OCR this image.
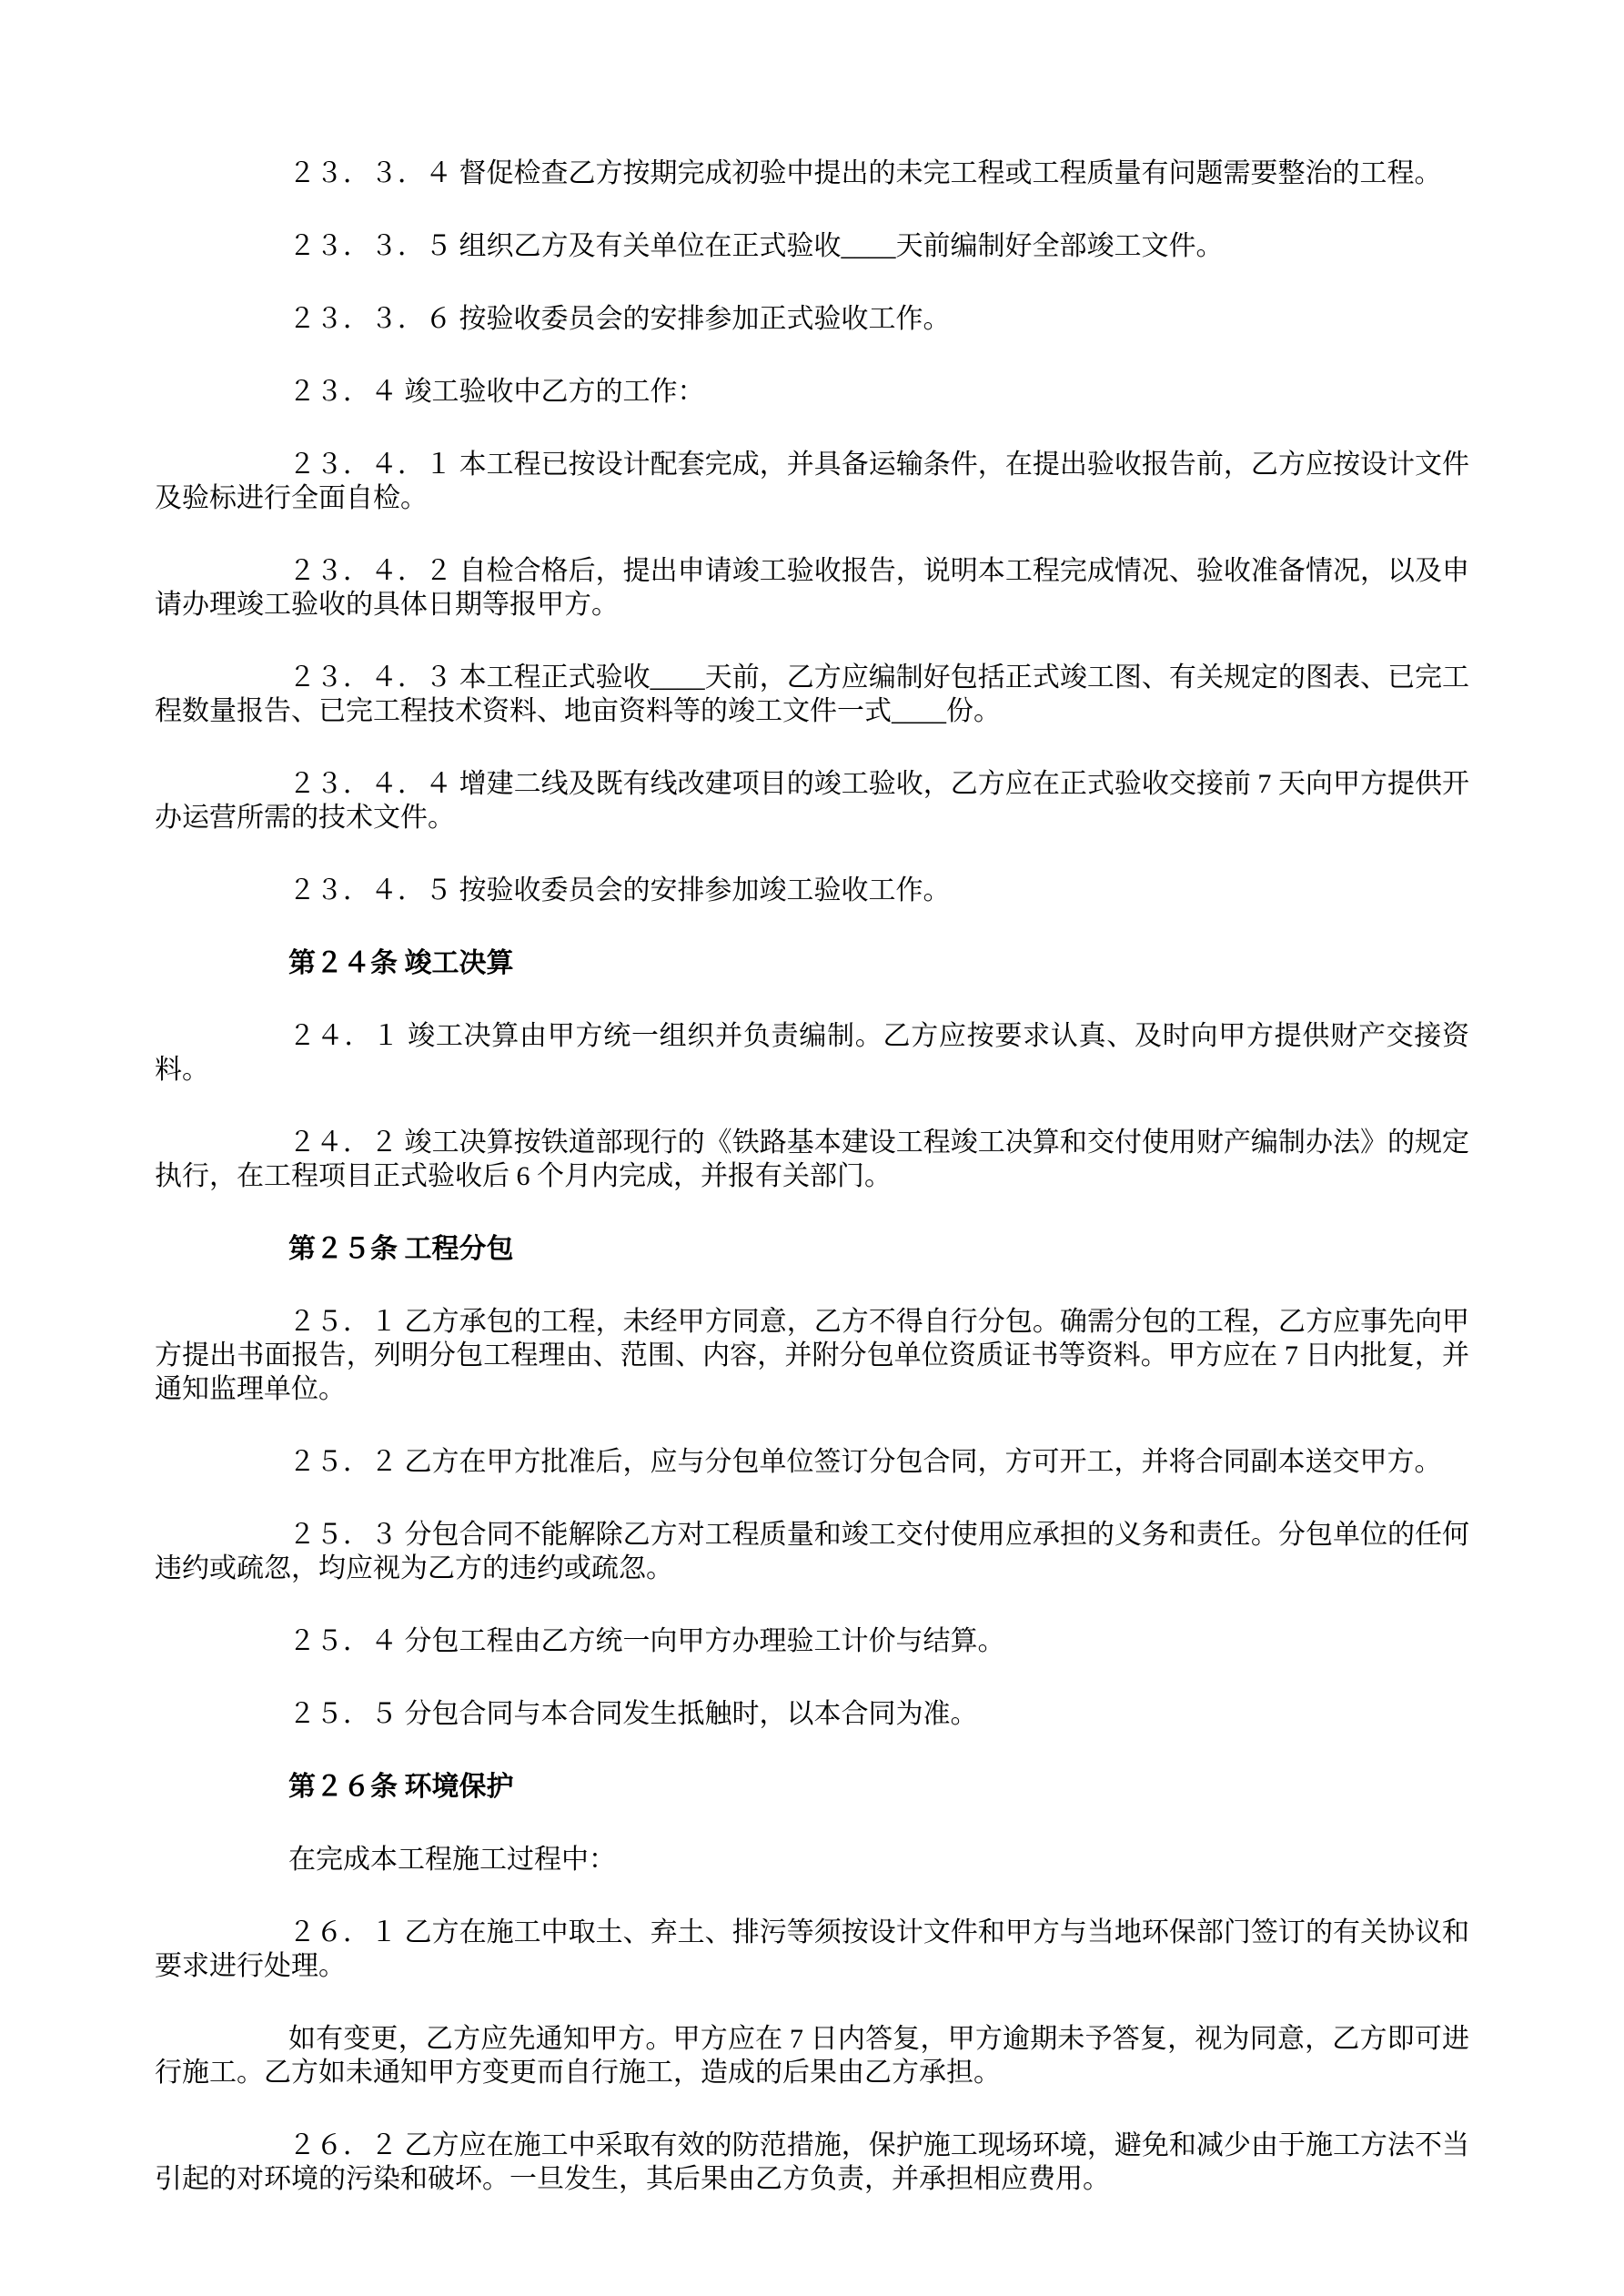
２３．３．４ 督促检查乙方按期完成初验中提出的未完工程或工程质量有问题需要整治的工程。

２３．３．５ 组织乙方及有关单位在正式验收____天前编制好全部竣工文件。

２３．３．６ 按验收委员会的安排参加正式验收工作。

２３．４ 竣工验收中乙方的工作：

２３．４．１ 本工程已按设计配套完成，并具备运输条件，在提出验收报告前，乙方应按设计文件及验标进行全面自检。

２３．４．２ 自检合格后，提出申请竣工验收报告，说明本工程完成情况、验收准备情况，以及申请办理竣工验收的具体日期等报甲方。

２３．４．３ 本工程正式验收____天前，乙方应编制好包括正式竣工图、有关规定的图表、已完工程数量报告、已完工程技术资料、地亩资料等的竣工文件一式____份。

２３．４．４ 增建二线及既有线改建项目的竣工验收，乙方应在正式验收交接前 7 天向甲方提供开办运营所需的技术文件。

２３．４．５ 按验收委员会的安排参加竣工验收工作。

第２４条 竣工决算

２４．１ 竣工决算由甲方统一组织并负责编制。乙方应按要求认真、及时向甲方提供财产交接资料。

２４．２ 竣工决算按铁道部现行的《铁路基本建设工程竣工决算和交付使用财产编制办法》的规定执行，在工程项目正式验收后 6 个月内完成，并报有关部门。

第２５条 工程分包

２５．１ 乙方承包的工程，未经甲方同意，乙方不得自行分包。确需分包的工程，乙方应事先向甲方提出书面报告，列明分包工程理由、范围、内容，并附分包单位资质证书等资料。甲方应在 7 日内批复，并通知监理单位。

２５．２ 乙方在甲方批准后，应与分包单位签订分包合同，方可开工，并将合同副本送交甲方。

２５．３ 分包合同不能解除乙方对工程质量和竣工交付使用应承担的义务和责任。分包单位的任何违约或疏忽，均应视为乙方的违约或疏忽。

２５．４ 分包工程由乙方统一向甲方办理验工计价与结算。

２５．５ 分包合同与本合同发生抵触时，以本合同为准。

第２６条 环境保护

在完成本工程施工过程中：

２６．１ 乙方在施工中取土、弃土、排污等须按设计文件和甲方与当地环保部门签订的有关协议和要求进行处理。

如有变更，乙方应先通知甲方。甲方应在 7 日内答复，甲方逾期未予答复，视为同意，乙方即可进行施工。乙方如未通知甲方变更而自行施工，造成的后果由乙方承担。

２６．２ 乙方应在施工中采取有效的防范措施，保护施工现场环境，避免和减少由于施工方法不当引起的对环境的污染和破坏。一旦发生，其后果由乙方负责，并承担相应费用。
